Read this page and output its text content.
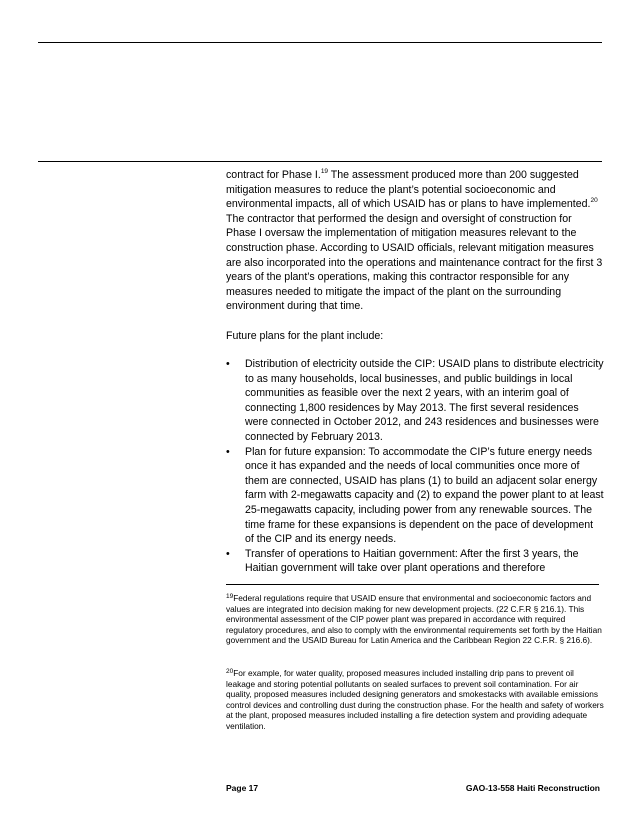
contract for Phase I.$^{19}$ The assessment produced more than 200 suggested mitigation measures to reduce the plant’s potential socioeconomic and environmental impacts, all of which USAID has or plans to have implemented.$^{20}$ The contractor that performed the design and oversight of construction for Phase I oversaw the implementation of mitigation measures relevant to the construction phase. According to USAID officials, relevant mitigation measures are also incorporated into the operations and maintenance contract for the first 3 years of the plant’s operations, making this contractor responsible for any measures needed to mitigate the impact of the plant on the surrounding environment during that time.

Future plans for the plant include:

• Distribution of electricity outside the CIP: USAID plans to distribute electricity to as many households, local businesses, and public buildings in local communities as feasible over the next 2 years, with an interim goal of connecting 1,800 residences by May 2013. The first several residences were connected in October 2012, and 243 residences and businesses were connected by February 2013.
• Plan for future expansion: To accommodate the CIP’s future energy needs once it has expanded and the needs of local communities once more of them are connected, USAID has plans (1) to build an adjacent solar energy farm with 2-megawatts capacity and (2) to expand the power plant to at least 25-megawatts capacity, including power from any renewable sources. The time frame for these expansions is dependent on the pace of development of the CIP and its energy needs.
• Transfer of operations to Haitian government: After the first 3 years, the Haitian government will take over plant operations and therefore

$^{19}$Federal regulations require that USAID ensure that environmental and socioeconomic factors and values are integrated into decision making for new development projects. (22 C.F.R § 216.1). This environmental assessment of the CIP power plant was prepared in accordance with required regulatory procedures, and also to comply with the environmental requirements set forth by the Haitian government and the USAID Bureau for Latin America and the Caribbean Region 22 C.F.R. § 216.6).

$^{20}$For example, for water quality, proposed measures included installing drip pans to prevent oil leakage and storing potential pollutants on sealed surfaces to prevent soil contamination. For air quality, proposed measures included designing generators and smokestacks with available emissions control devices and controlling dust during the construction phase. For the health and safety of workers at the plant, proposed measures included installing a fire detection system and providing adequate ventilation.

Page 17	GAO-13-558 Haiti Reconstruction
